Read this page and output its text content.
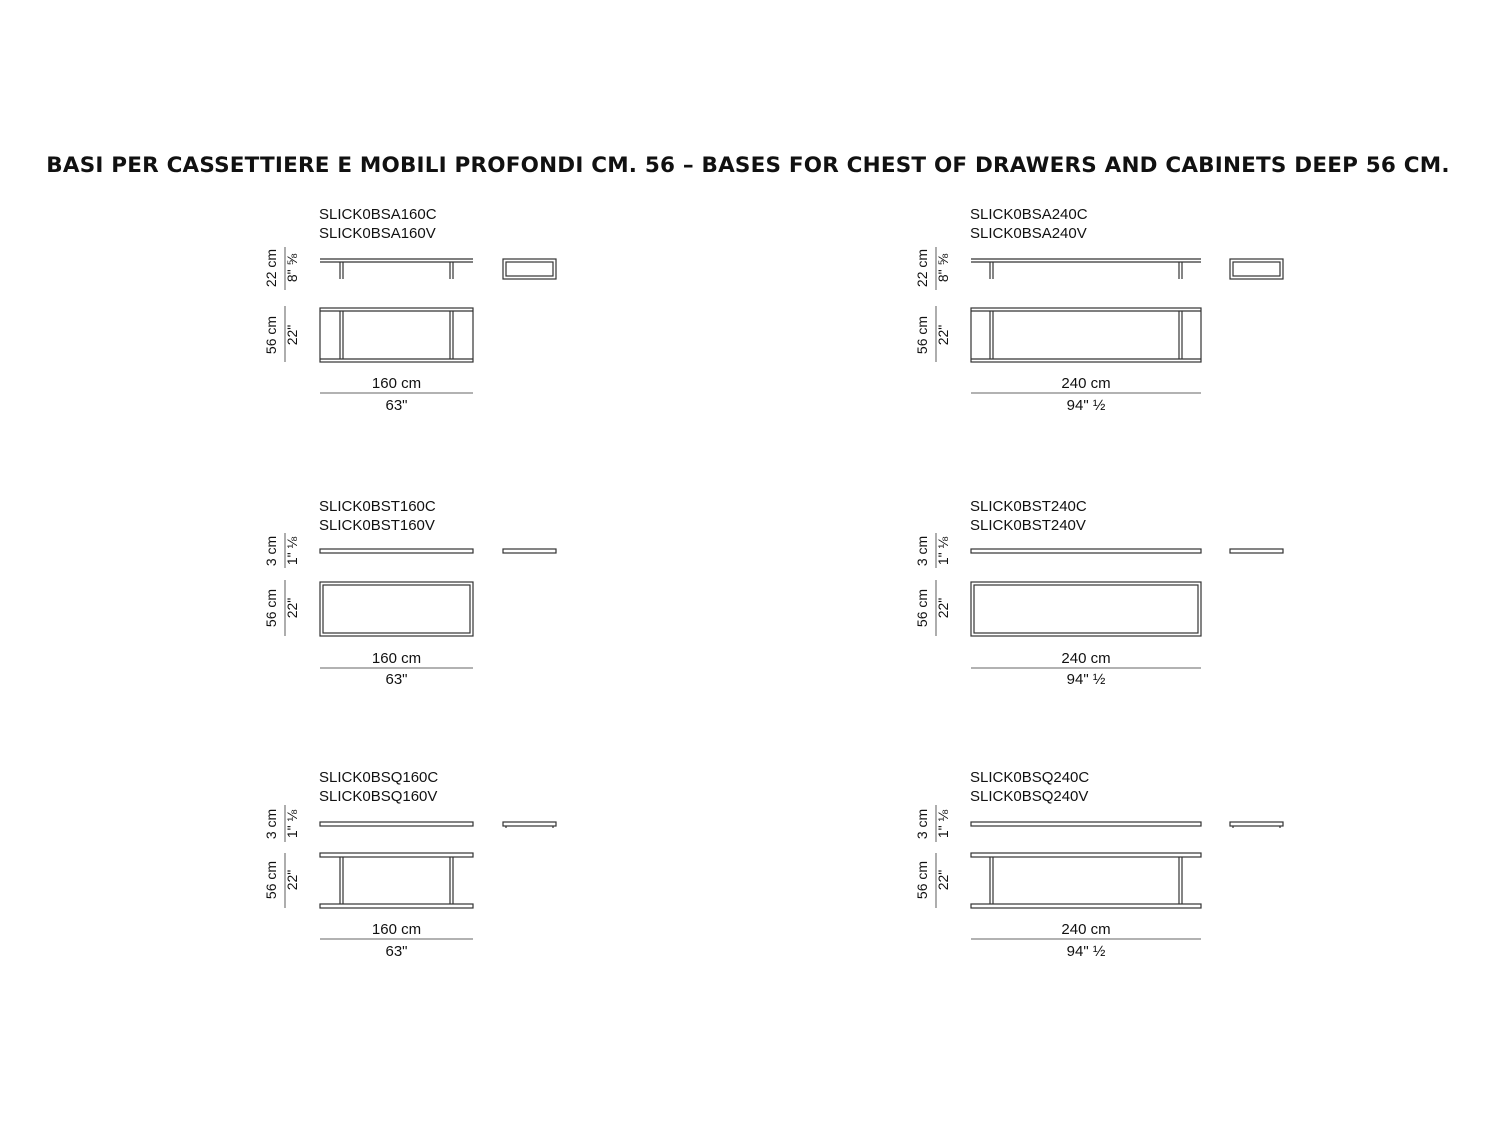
BASI PER CASSETTIERE E MOBILI PROFONDI CM. 56 – BASES FOR CHEST OF DRAWERS AND CABINETS DEEP 56 CM.
SLICK0BSA160C
SLICK0BSA160V
22 cm 8" ⅝
56 cm 22"
160 cm
63"
SLICK0BSA240C
SLICK0BSA240V
22 cm 8" ⅝
56 cm 22"
240 cm
94" ½
SLICK0BST160C
SLICK0BST160V
3 cm 1" ⅛
56 cm 22"
160 cm
63"
SLICK0BST240C
SLICK0BST240V
3 cm 1" ⅛
56 cm 22"
240 cm
94" ½
SLICK0BSQ160C
SLICK0BSQ160V
3 cm 1" ⅛
56 cm 22"
160 cm
63"
SLICK0BSQ240C
SLICK0BSQ240V
3 cm 1" ⅛
56 cm 22"
240 cm
94" ½
